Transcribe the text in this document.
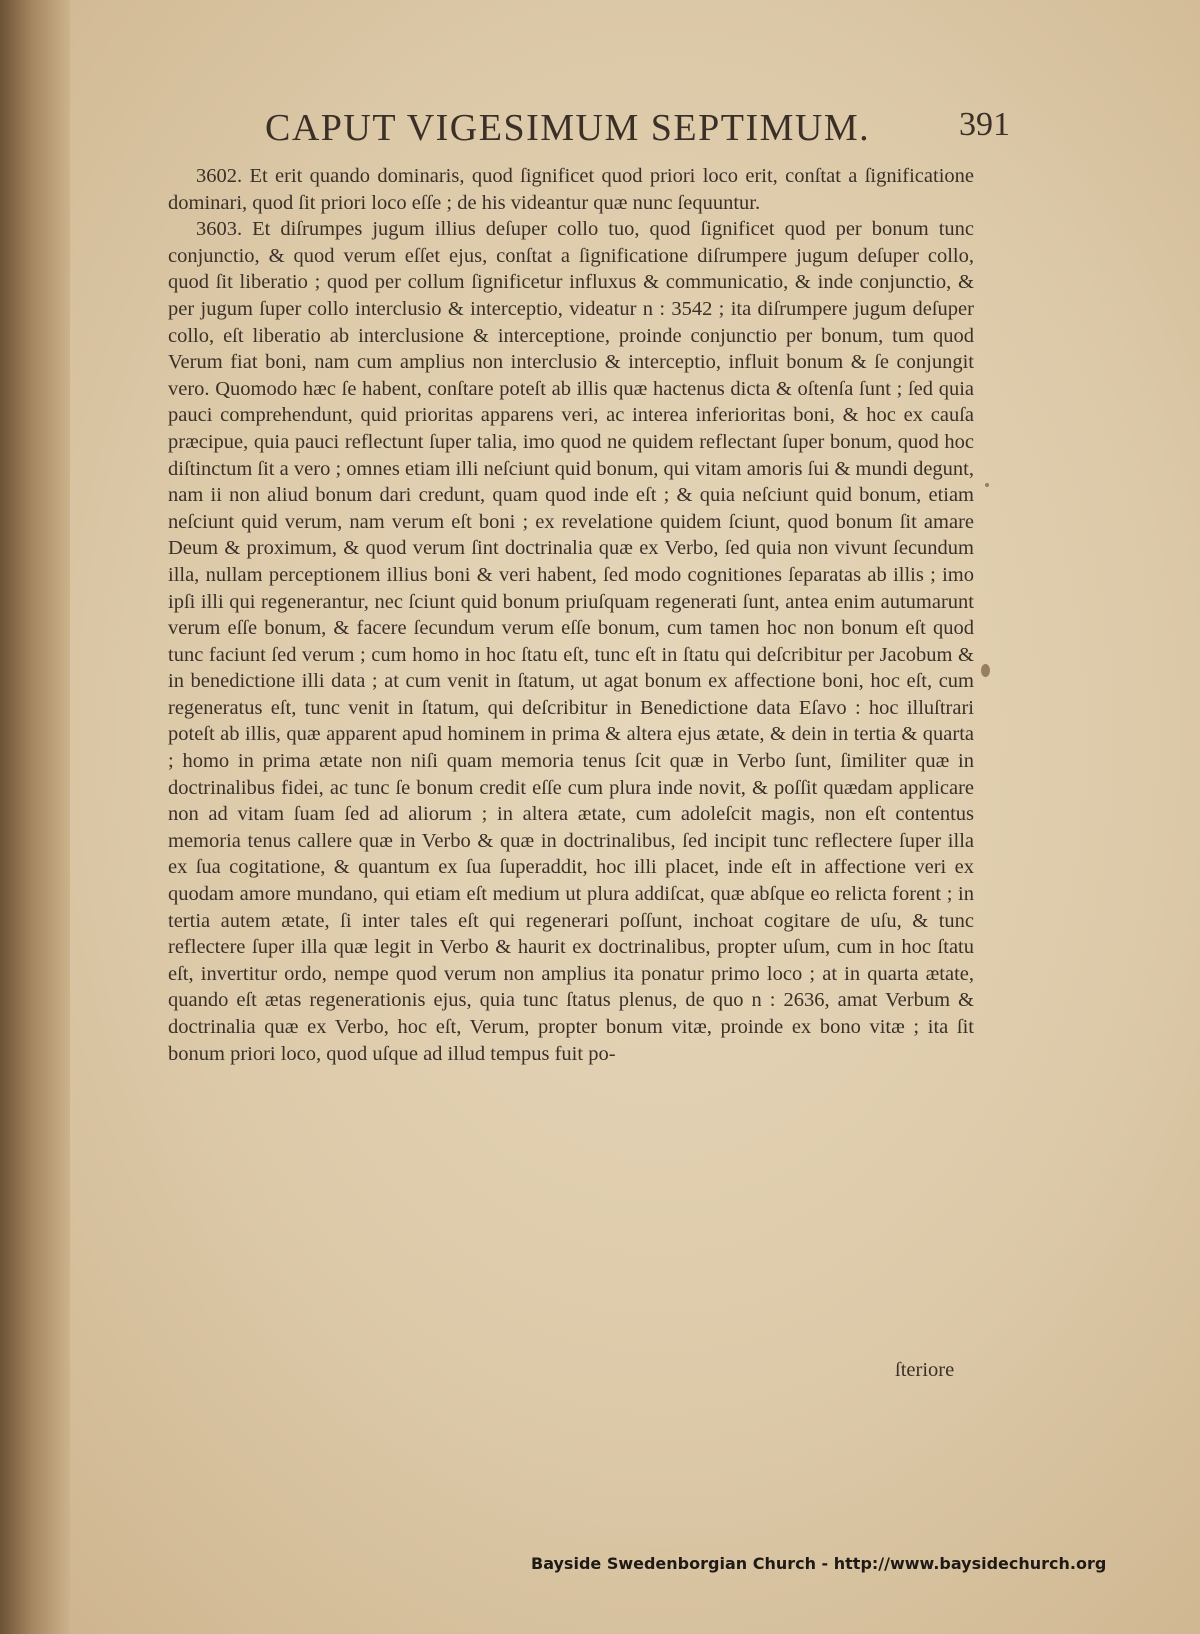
CAPUT VIGESIMUM SEPTIMUM.	391

3602. Et erit quando dominaris, quod ſignificet quod priori loco erit, conſtat a ſignificatione dominari, quod ſit priori loco eſſe ; de his videantur quæ nunc ſequuntur.

3603. Et diſrumpes jugum illius deſuper collo tuo, quod ſignificet quod per bonum tunc conjunctio, & quod verum eſſet ejus, conſtat a ſignificatione diſrumpere jugum deſuper collo, quod ſit liberatio ; quod per collum ſignificetur influxus & communicatio, & inde conjunctio, & per jugum ſuper collo interclusio & interceptio, videatur n : 3542 ; ita diſrumpere jugum deſuper collo, eſt liberatio ab interclusione & interceptione, proinde conjunctio per bonum, tum quod Verum fiat boni, nam cum amplius non interclusio & interceptio, influit bonum & ſe conjungit vero. Quomodo hæc ſe habent, conſtare poteſt ab illis quæ hactenus dicta & oſtenſa ſunt ; ſed quia pauci comprehendunt, quid prioritas apparens veri, ac interea inferioritas boni, & hoc ex cauſa præcipue, quia pauci reflectunt ſuper talia, imo quod ne quidem reflectant ſuper bonum, quod hoc diſtinctum ſit a vero ; omnes etiam illi neſciunt quid bonum, qui vitam amoris ſui & mundi degunt, nam ii non aliud bonum dari credunt, quam quod inde eſt ; & quia neſciunt quid bonum, etiam neſciunt quid verum, nam verum eſt boni ; ex revelatione quidem ſciunt, quod bonum ſit amare Deum & proximum, & quod verum ſint doctrinalia quæ ex Verbo, ſed quia non vivunt ſecundum illa, nullam perceptionem illius boni & veri habent, ſed modo cognitiones ſeparatas ab illis ; imo ipſi illi qui regenerantur, nec ſciunt quid bonum priuſquam regenerati ſunt, antea enim autumarunt verum eſſe bonum, & facere ſecundum verum eſſe bonum, cum tamen hoc non bonum eſt quod tunc faciunt ſed verum ; cum homo in hoc ſtatu eſt, tunc eſt in ſtatu qui deſcribitur per Jacobum & in benedictione illi data ; at cum venit in ſtatum, ut agat bonum ex affectione boni, hoc eſt, cum regeneratus eſt, tunc venit in ſtatum, qui deſcribitur in Benedictione data Eſavo : hoc illuſtrari poteſt ab illis, quæ apparent apud hominem in prima & altera ejus ætate, & dein in tertia & quarta ; homo in prima ætate non niſi quam memoria tenus ſcit quæ in Verbo ſunt, ſimiliter quæ in doctrinalibus fidei, ac tunc ſe bonum credit eſſe cum plura inde novit, & poſſit quædam applicare non ad vitam ſuam ſed ad aliorum ; in altera ætate, cum adoleſcit magis, non eſt contentus memoria tenus callere quæ in Verbo & quæ in doctrinalibus, ſed incipit tunc reflectere ſuper illa ex ſua cogitatione, & quantum ex ſua ſuperaddit, hoc illi placet, inde eſt in affectione veri ex quodam amore mundano, qui etiam eſt medium ut plura addiſcat, quæ abſque eo relicta forent ; in tertia autem ætate, ſi inter tales eſt qui regenerari poſſunt, inchoat cogitare de uſu, & tunc reflectere ſuper illa quæ legit in Verbo & haurit ex doctrinalibus, propter uſum, cum in hoc ſtatu eſt, invertitur ordo, nempe quod verum non amplius ita ponatur primo loco ; at in quarta ætate, quando eſt ætas regenerationis ejus, quia tunc ſtatus plenus, de quo n : 2636, amat Verbum & doctrinalia quæ ex Verbo, hoc eſt, Verum, propter bonum vitæ, proinde ex bono vitæ ; ita ſit bonum priori loco, quod uſque ad illud tempus fuit po-

ſteriore
Bayside Swedenborgian Church - http://www.baysidechurch.org
